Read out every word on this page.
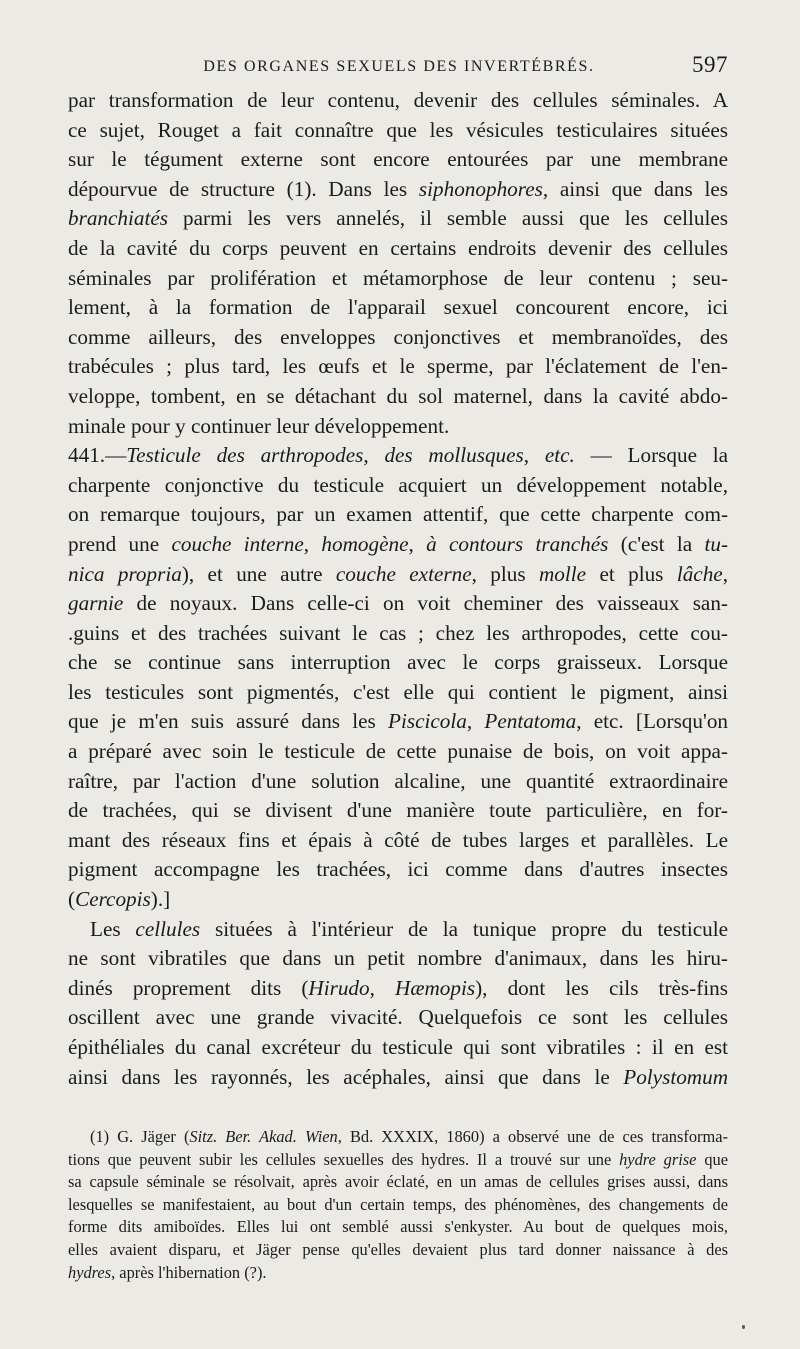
DES ORGANES SEXUELS DES INVERTÉBRÉS.	597

par transformation de leur contenu, devenir des cellules séminales. A

ce sujet, Rouget a fait connaître que les vésicules testiculaires situées

sur le tégument externe sont encore entourées par une membrane

dépourvue de structure (1). Dans les siphonophores, ainsi que dans les

branchiatés parmi les vers annelés, il semble aussi que les cellules

de la cavité du corps peuvent en certains endroits devenir des cellules

séminales par prolifération et métamorphose de leur contenu ; seu-

lement, à la formation de l'apparail sexuel concourent encore, ici

comme ailleurs, des enveloppes conjonctives et membranoïdes, des

trabécules ; plus tard, les œufs et le sperme, par l'éclatement de l'en-

veloppe, tombent, en se détachant du sol maternel, dans la cavité abdo-

minale pour y continuer leur développement.

441.—Testicule des arthropodes, des mollusques, etc. — Lorsque la

charpente conjonctive du testicule acquiert un développement notable,

on remarque toujours, par un examen attentif, que cette charpente com-

prend une couche interne, homogène, à contours tranchés (c'est la tu-

nica propria), et une autre couche externe, plus molle et plus lâche,

garnie de noyaux. Dans celle-ci on voit cheminer des vaisseaux san-

.guins et des trachées suivant le cas ; chez les arthropodes, cette cou-

che se continue sans interruption avec le corps graisseux. Lorsque

les testicules sont pigmentés, c'est elle qui contient le pigment, ainsi

que je m'en suis assuré dans les Piscicola, Pentatoma, etc. [Lorsqu'on

a préparé avec soin le testicule de cette punaise de bois, on voit appa-

raître, par l'action d'une solution alcaline, une quantité extraordinaire

de trachées, qui se divisent d'une manière toute particulière, en for-

mant des réseaux fins et épais à côté de tubes larges et parallèles. Le

pigment accompagne les trachées, ici comme dans d'autres insectes

(Cercopis).]

Les cellules situées à l'intérieur de la tunique propre du testicule

ne sont vibratiles que dans un petit nombre d'animaux, dans les hiru-

dinés proprement dits (Hirudo, Hæmopis), dont les cils très-fins

oscillent avec une grande vivacité. Quelquefois ce sont les cellules

épithéliales du canal excréteur du testicule qui sont vibratiles : il en est

ainsi dans les rayonnés, les acéphales, ainsi que dans le Polystomum

(1) G. Jäger (Sitz. Ber. Akad. Wien, Bd. XXXIX, 1860) a observé une de ces transforma-

tions que peuvent subir les cellules sexuelles des hydres. Il a trouvé sur une hydre grise que

sa capsule séminale se résolvait, après avoir éclaté, en un amas de cellules grises aussi, dans

lesquelles se manifestaient, au bout d'un certain temps, des phénomènes, des changements de

forme dits amiboïdes. Elles lui ont semblé aussi s'enkyster. Au bout de quelques mois,

elles avaient disparu, et Jäger pense qu'elles devaient plus tard donner naissance à des

hydres, après l'hibernation (?).
